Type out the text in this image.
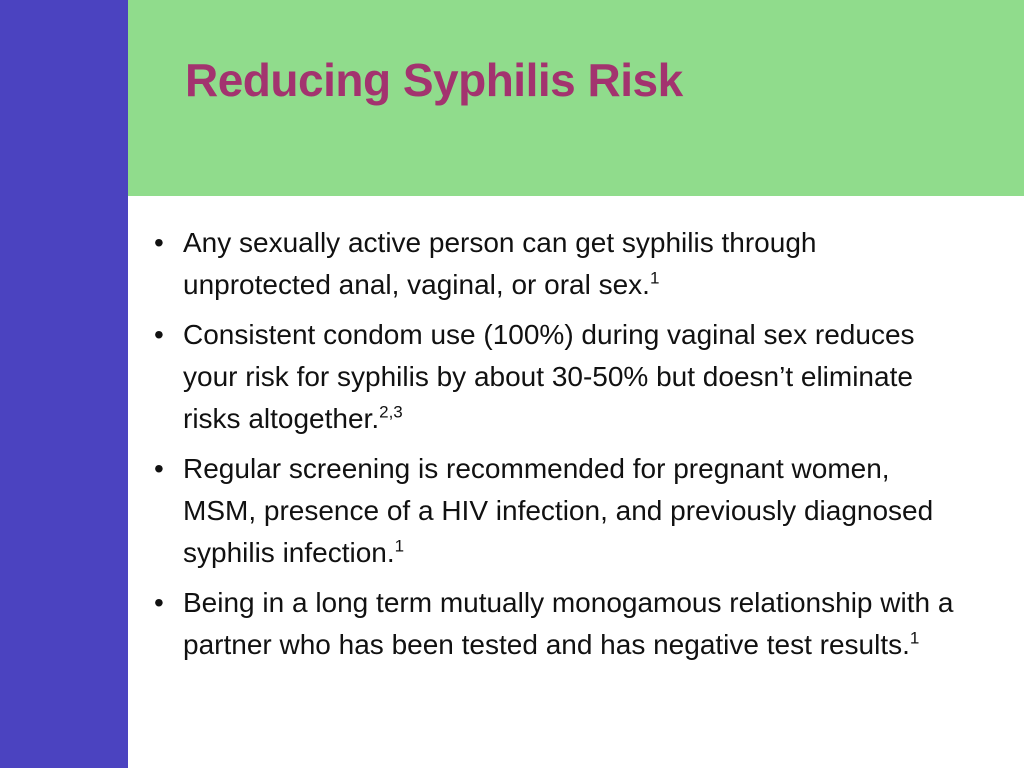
Reducing Syphilis Risk
• Any sexually active person can get syphilis through unprotected anal, vaginal, or oral sex.$^1$
• Consistent condom use (100%) during vaginal sex reduces your risk for syphilis by about 30-50% but doesn’t eliminate risks altogether.$^{2,3}$
• Regular screening is recommended for pregnant women, MSM, presence of a HIV infection, and previously diagnosed syphilis infection.$^1$
• Being in a long term mutually monogamous relationship with a partner who has been tested and has negative test results.$^1$
